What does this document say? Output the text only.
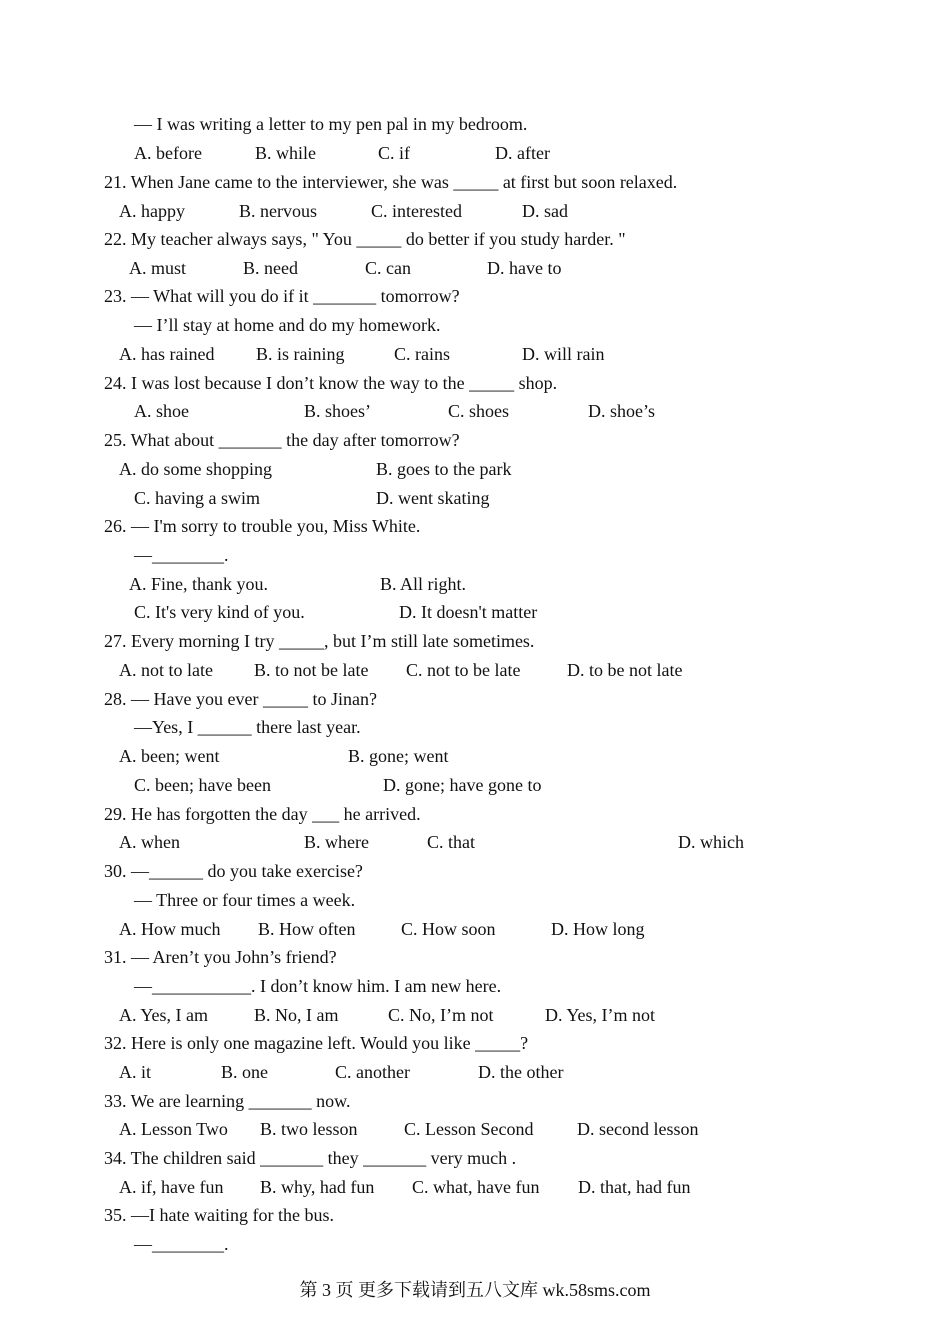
— I was writing a letter to my pen pal in my bedroom.
A. before	B. while	C. if	D. after
21. When Jane came to the interviewer, she was _____ at first but soon relaxed.
A. happy	B. nervous	C. interested	D. sad
22. My teacher always says, " You _____ do better if you study harder. "
A. must	B. need	C. can	D. have to
23. — What will you do if it _______ tomorrow?
— I’ll stay at home and do my homework.
A. has rained B. is raining	C. rains	D. will rain
24. I was lost because I don’t know the way to the _____ shop.
A. shoe	B. shoes’	C. shoes	D. shoe’s
25. What about _______ the day after tomorrow?
A. do some shopping	B. goes to the park
C. having a swim	D. went skating
26. — I'm sorry to trouble you, Miss White.
—________.
A. Fine, thank you.	B. All right.
C. It's very kind of you.	D. It doesn't matter
27. Every morning I try _____, but I’m still late sometimes.
A. not to late B. to not be late C. not to be late	D. to be not late
28. — Have you ever _____ to Jinan?
—Yes, I ______ there last year.
A. been; went	B. gone; went
C. been; have been	D. gone; have gone to
29. He has forgotten the day ___ he arrived.
A. when	B. where	C. that	D. which
30. —______ do you take exercise?
— Three or four times a week.
A. How much B. How often	C. How soon	D. How long
31. — Aren’t you John’s friend?
—___________. I don’t know him. I am new here.
A. Yes, I am	B. No, I am	C. No, I’m not	D. Yes, I’m not
32. Here is only one magazine left. Would you like _____?
A. it	B. one	C. another	D. the other
33. We are learning _______ now.
A. Lesson Two B. two lesson	C. Lesson Second D. second lesson
34. The children said _______ they _______ very much .
A. if, have fun B. why, had fun C. what, have fun D. that, had fun
35. —I hate waiting for the bus.
—________.
第 3 页 更多下载请到五八文库 wk.58sms.com
